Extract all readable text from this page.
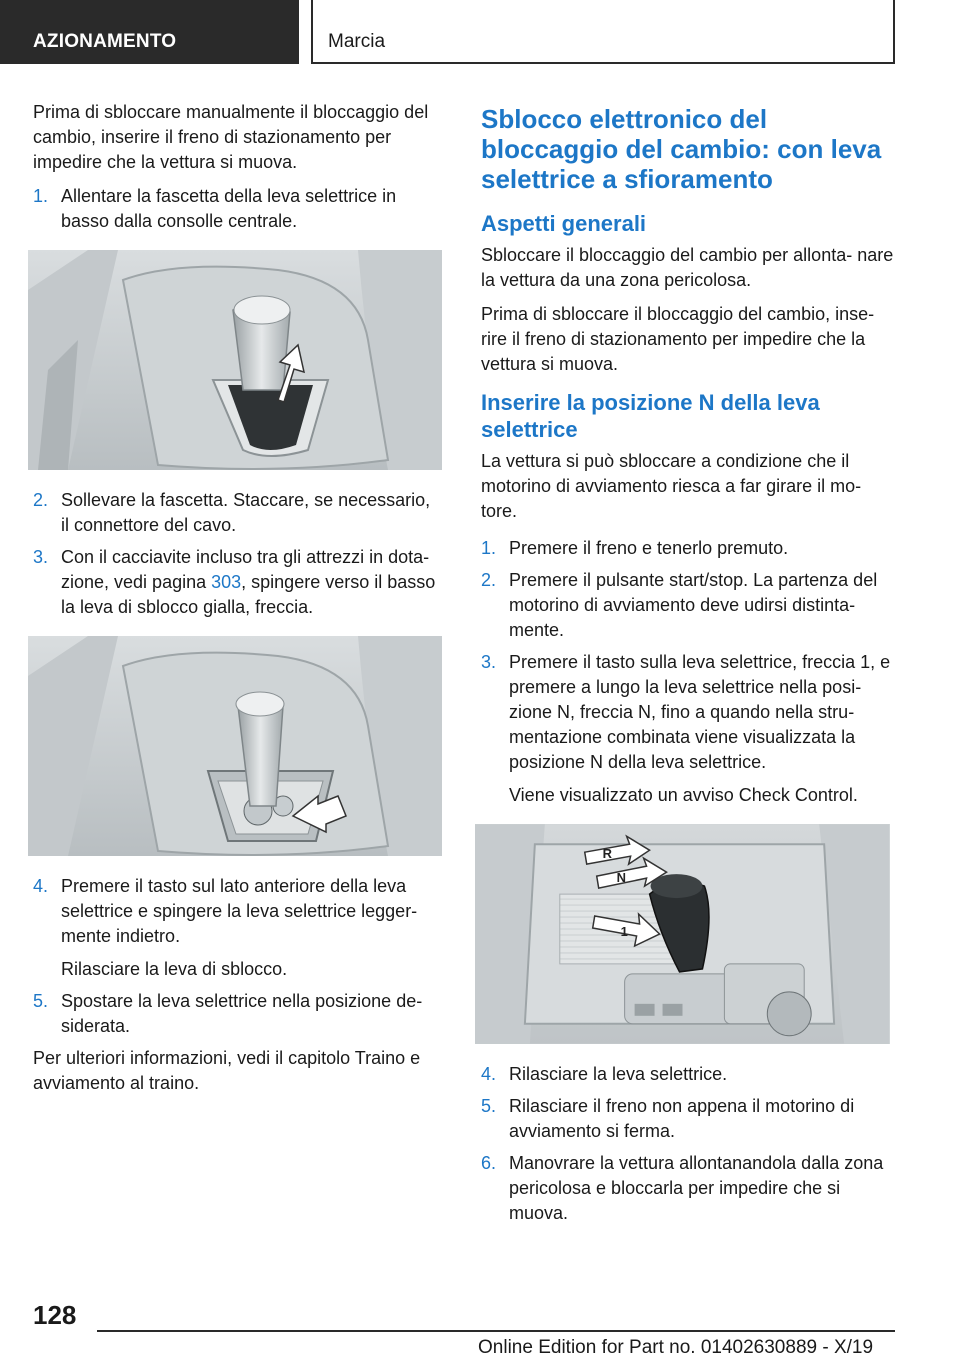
AZIONAMENTO	Marcia

Prima di sbloccare manualmente il bloccaggio del cambio, inserire il freno di stazionamento per impedire che la vettura si muova.

1. Allentare la fascetta della leva selettrice in basso dalla consolle centrale.
2. Sollevare la fascetta. Staccare, se necessario, il connettore del cavo.
3. Con il cacciavite incluso tra gli attrezzi in dota‐ zione, vedi pagina 303, spingere verso il basso la leva di sblocco gialla, freccia.
4. Premere il tasto sul lato anteriore della leva selettrice e spingere la leva selettrice legger‐ mente indietro.
Rilasciare la leva di sblocco.
5. Spostare la leva selettrice nella posizione de‐ siderata.

Per ulteriori informazioni, vedi il capitolo Traino e avviamento al traino.

Sblocco elettronico del bloccaggio del cambio: con leva selettrice a sfioramento
Aspetti generali

Sbloccare il bloccaggio del cambio per allonta‐ nare la vettura da una zona pericolosa.

Prima di sbloccare il bloccaggio del cambio, inse‐ rire il freno di stazionamento per impedire che la vettura si muova.

Inserire la posizione N della leva selettrice

La vettura si può sbloccare a condizione che il motorino di avviamento riesca a far girare il mo‐ tore.

1. Premere il freno e tenerlo premuto.
2. Premere il pulsante start/stop. La partenza del motorino di avviamento deve udirsi distinta‐ mente.
3. Premere il tasto sulla leva selettrice, freccia 1, e premere a lungo la leva selettrice nella posi‐ zione N, freccia N, fino a quando nella stru‐ mentazione combinata viene visualizzata la posizione N della leva selettrice.
Viene visualizzato un avviso Check Control.
R
N
1
4. Rilasciare la leva selettrice.
5. Rilasciare il freno non appena il motorino di avviamento si ferma.
6. Manovrare la vettura allontanandola dalla zona pericolosa e bloccarla per impedire che si muova.
128
Online Edition for Part no. 01402630889 - X/19
